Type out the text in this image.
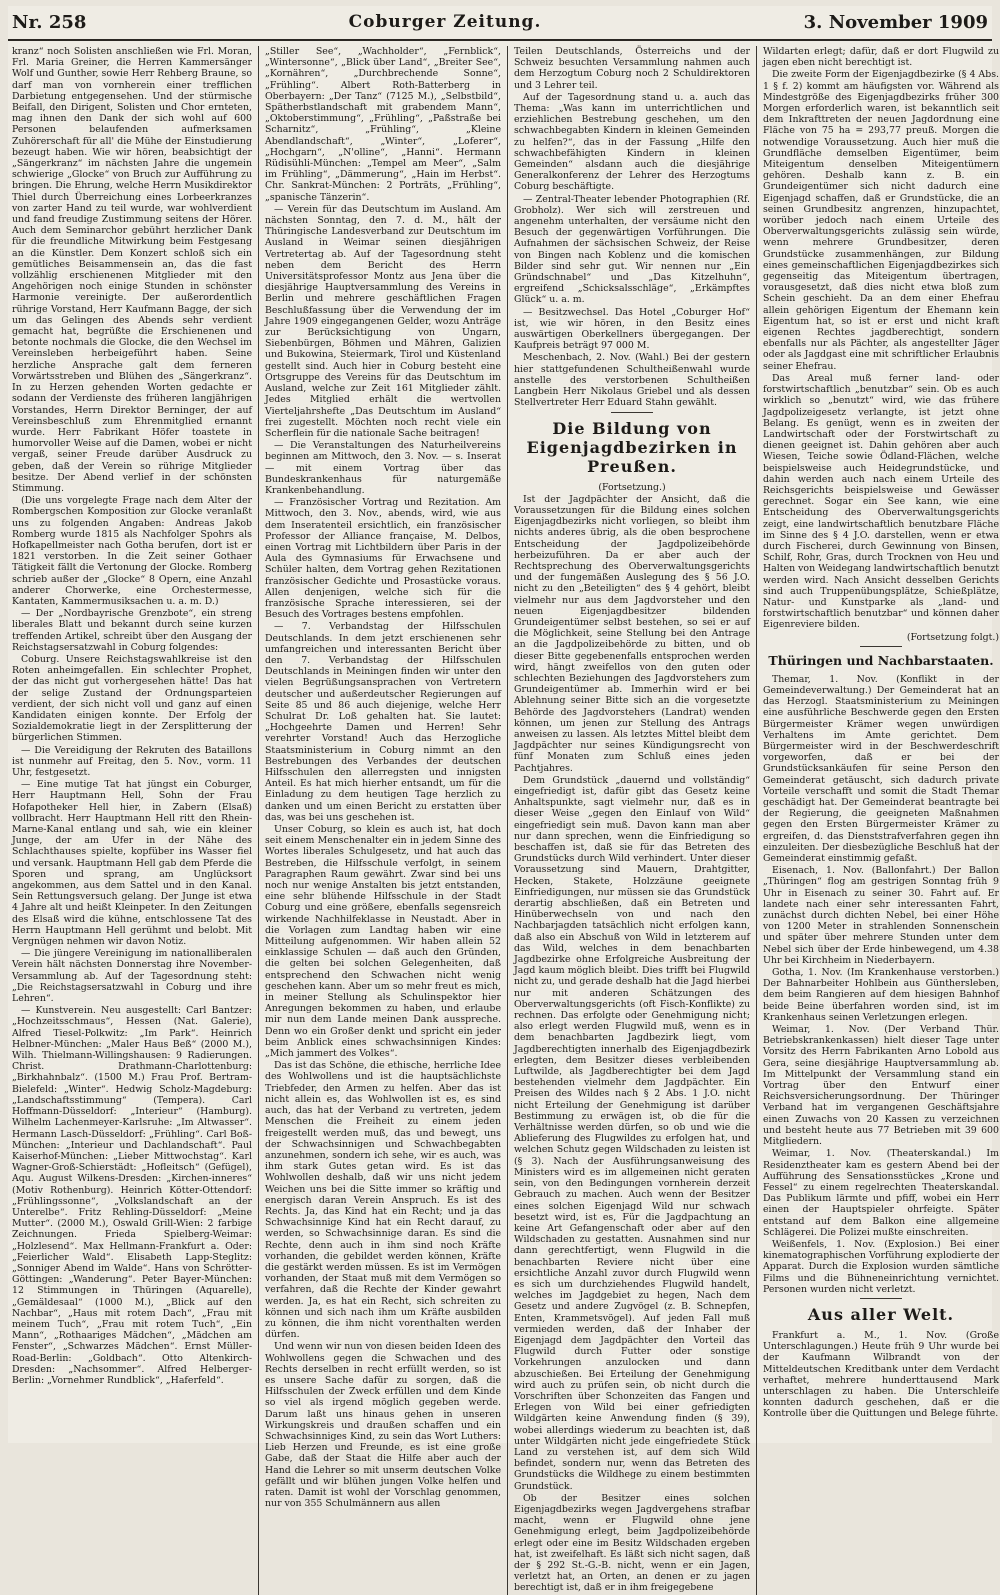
Nr. 258	Coburger Zeitung.	3. November 1909

kranz“ noch Solisten anschließen wie Frl. Moran, Frl. Maria Greiner, die Herren Kammersänger Wolf und Gunther, sowie Herr Rehberg Braune, so darf man von vornherein einer trefflichen Darbietung entgegensehen. Und der stürmische Beifall, den Dirigent, Solisten und Chor ernteten, mag ihnen den Dank der sich wohl auf 600 Personen belaufenden aufmerksamen Zuhörerschaft für all' die Mühe der Einstudierung bezeugt haben. Wie wir hören, beabsichtigt der „Sängerkranz“ im nächsten Jahre die ungemein schwierige „Glocke“ von Bruch zur Aufführung zu bringen. Die Ehrung, welche Herrn Musikdirektor Thiel durch Überreichung eines Lorbeerkranzes von zarter Hand zu teil wurde, war wohlverdient und fand freudige Zustimmung seitens der Hörer. Auch dem Seminarchor gebührt herzlicher Dank für die freundliche Mitwirkung beim Festgesang an die Künstler. Dem Konzert schloß sich ein gemütliches Beisammensein an, das die fast vollzählig erschienenen Mitglieder mit den Angehörigen noch einige Stunden in schönster Harmonie vereinigte. Der außerordentlich rührige Vorstand, Herr Kaufmann Bagge, der sich um das Gelingen des Abends sehr verdient gemacht hat, begrüßte die Erschienenen und betonte nochmals die Glocke, die den Wechsel im Vereinsleben herbeigeführt haben. Seine herzliche Ansprache galt dem ferneren Vorwärtsstreben und Blühen des „Sängerkranz“. In zu Herzen gehenden Worten gedachte er sodann der Verdienste des früheren langjährigen Vorstandes, Herrn Direktor Berninger, der auf Vereinsbeschluß zum Ehrenmitglied ernannt wurde. Herr Fabrikant Höfer toastete in humorvoller Weise auf die Damen, wobei er nicht vergaß, seiner Freude darüber Ausdruck zu geben, daß der Verein so rührige Mitglieder besitze. Der Abend verlief in der schönsten Stimmung.

(Die uns vorgelegte Frage nach dem Alter der Rombergschen Komposition zur Glocke veranlaßt uns zu folgenden Angaben: Andreas Jakob Romberg wurde 1815 als Nachfolger Spohrs als Hofkapellmeister nach Gotha berufen, dort ist er 1821 verstorben. In die Zeit seiner Gothaer Tätigkeit fällt die Vertonung der Glocke. Romberg schrieb außer der „Glocke“ 8 Opern, eine Anzahl anderer Chorwerke, eine Orchestermesse, Kantaten, Kammermusiksachen u. a. m. D.)

— Der „Nordbayrische Grenzbote“, ein streng liberales Blatt und bekannt durch seine kurzen treffenden Artikel, schreibt über den Ausgang der Reichstagsersatzwahl in Coburg folgendes:

Coburg. Unsere Reichstagswahlkreise ist den Roten anheimgefallen. Ein schlechter Prophet, der das nicht gut vorhergesehen hätte! Das hat der selige Zustand der Ordnungsparteien verdient, der sich nicht voll und ganz auf einen Kandidaten einigen konnte. Der Erfolg der Sozialdemokratie liegt in der Zersplitterung der bürgerlichen Stimmen.

— Die Vereidigung der Rekruten des Bataillons ist nunmehr auf Freitag, den 5. Nov., vorm. 11 Uhr, festgesetzt.

— Eine mutige Tat hat jüngst ein Coburger, Herr Hauptmann Hell, Sohn der Frau Hofapotheker Hell hier, in Zabern (Elsaß) vollbracht. Herr Hauptmann Hell ritt den Rhein-Marne-Kanal entlang und sah, wie ein kleiner Junge, der am Ufer in der Nähe des Schlachthauses spielte, kopfüber ins Wasser fiel und versank. Hauptmann Hell gab dem Pferde die Sporen und sprang, am Unglücksort angekommen, aus dem Sattel und in den Kanal. Sein Rettungsversuch gelang. Der Junge ist etwa 4 Jahre alt und heißt Kleinpeter. In den Zeitungen des Elsaß wird die kühne, entschlossene Tat des Herrn Hauptmann Hell gerühmt und belobt. Mit Vergnügen nehmen wir davon Notiz.

— Die jüngere Vereinigung im nationalliberalen Verein hält nächsten Donnerstag ihre November-Versammlung ab. Auf der Tagesordnung steht: „Die Reichstagsersatzwahl in Coburg und ihre Lehren“.

— Kunstverein. Neu ausgestellt: Carl Bantzer: „Hochzeitsschmaus“, Hessen (Nat. Galerie), Alfred Tiesel-Polkwitz: „Im Park“. Heinrich Helbner-München: „Maler Haus Beß“ (2000 M.), Wilh. Thielmann-Willingshausen: 9 Radierungen. Christ. Drathmann-Charlottenburg: „Birkhahnbalz“. (1500 M.) Frau Prof. Bertram-Bielefeld: „Winter“. Hedwig Scholz-Magdeburg: „Landschaftsstimmung“ (Tempera). Carl Hoffmann-Düsseldorf: „Interieur“ (Hamburg). Wilhelm Lachenmeyer-Karlsruhe: „Im Altwasser“. Hermann Lasch-Düsseldorf: „Frühling“. Carl Boß-München: „Interieur und Dachlandschaft“. Paul Kaiserhof-München: „Lieber Mittwochstag“. Karl Wagner-Groß-Schierstädt: „Hofleitsch“ (Gefügel), Aqu. August Wilkens-Dresden: „Kirchen-inneres“ (Motiv Rothenburg). Heinrich Kötter-Ottendorf: „Frühlingssonne“, „Volkslandschaft an der Unterelbe“. Fritz Rehling-Düsseldorf: „Meine Mutter“. (2000 M.), Oswald Grill-Wien: 2 farbige Zeichnungen. Frieda Spielberg-Weimar: „Holzlesend“. Max Hellmann-Frankfurt a. Oder: „Feierlicher Wald“. Elisabeth Lapp-Steglitz: „Sonniger Abend im Walde“. Hans von Schrötter-Göttingen: „Wanderung“. Peter Bayer-München: 12 Stimmungen in Thüringen (Aquarelle), „Gemäldesaal“ (1000 M.), „Blick auf den Nachbar“, „Haus mit rotem Dach“, „Frau mit meinem Tuch“, „Frau mit rotem Tuch“, „Ein Mann“, „Rothaariges Mädchen“, „Mädchen am Fenster“, „Schwarzes Mädchen“. Ernst Müller-Road-Berlin: „Goldbach“. Otto Altenkirch-Dresden: „Nachsommer“. Alfred Helberger-Berlin: „Vornehmer Rundblick“, „Haferfeld“.

„Stiller See“, „Wachholder“, „Fernblick“, „Wintersonne“, „Blick über Land“, „Breiter See“, „Kornähren“, „Durchbrechende Sonne“, „Frühling“. Albert Roth-Batterberg in Oberbayern: „Der Tanz“ (7125 M.), „Selbstbild“, Spätherbstlandschaft mit grabendem Mann“, „Oktoberstimmung“, „Frühling“, „Paßstraße bei Scharnitz“, „Frühling“, „Kleine Abendlandschaft“, „Winter“, „Loferer“, „Hochgarn“, „N'olline“, „Hanni“. Hermann Rüdisühli-München: „Tempel am Meer“, „Salm im Frühling“, „Dämmerung“, „Hain im Herbst“. Chr. Sankrat-München: 2 Porträts, „Frühling“, „spanische Tänzerin“.

— Verein für das Deutschtum im Ausland. Am nächsten Sonntag, den 7. d. M., hält der Thüringische Landesverband zur Deutschtum im Ausland in Weimar seinen diesjährigen Vertretertag ab. Auf der Tagesordnung steht neben dem Bericht des Herrn Universitätsprofessor Montz aus Jena über die diesjährige Hauptversammlung des Vereins in Berlin und mehrere geschäftlichen Fragen Beschlußfassung über die Verwendung der im Jahre 1909 eingegangenen Gelder, wozu Anträge zur Berücksichtigung von Ungarn, Siebenbürgen, Böhmen und Mähren, Galizien und Bukowina, Steiermark, Tirol und Küstenland gestellt sind. Auch hier in Coburg besteht eine Ortsgruppe des Vereins für das Deutschtum im Ausland, welche zur Zeit 161 Mitglieder zählt. Jedes Mitglied erhält die wertvollen Vierteljahrshefte „Das Deutschtum im Ausland“ frei zugestellt. Möchten noch recht viele ein Scherflein für die nationale Sache beitragen!

— Die Veranstaltungen des Naturheilvereins beginnen am Mittwoch, den 3. Nov. — s. Inserat — mit einem Vortrag über das Bundeskrankenhaus für naturgemäße Krankenbehandlung.

— Französischer Vortrag und Rezitation. Am Mittwoch, den 3. Nov., abends, wird, wie aus dem Inseratenteil ersichtlich, ein französischer Professor der Alliance française, M. Delbos, einen Vortrag mit Lichtbildern über Paris in der Aula des Gymnasiums für Erwachsene und Schüler halten, dem Vortrag gehen Rezitationen französischer Gedichte und Prosastücke voraus. Allen denjenigen, welche sich für die französische Sprache interessieren, sei der Besuch des Vortrages bestens empfohlen.

— 7. Verbandstag der Hilfsschulen Deutschlands. In dem jetzt erschienenen sehr umfangreichen und interessanten Bericht über den 7. Verbandstag der Hilfsschulen Deutschlands in Meiningen finden wir unter den vielen Begrüßungsansprachen von Vertretern deutscher und außerdeutscher Regierungen auf Seite 85 und 86 auch diejenige, welche Herr Schulrat Dr. Loß gehalten hat. Sie lautet: „Hochgeehrte Damen und Herren! Sehr verehrter Vorstand! Auch das Herzogliche Staatsministerium in Coburg nimmt an den Bestrebungen des Verbandes der deutschen Hilfsschulen den allerregsten und innigsten Anteil. Es hat mich hierher entsandt, um für die Einladung zu dem heutigen Tage herzlich zu danken und um einen Bericht zu erstatten über das, was bei uns geschehen ist.

Unser Coburg, so klein es auch ist, hat doch seit einem Menschenalter ein in jedem Sinne des Wortes liberales Schulgesetz, und hat auch das Bestreben, die Hilfsschule verfolgt, in seinem Paragraphen Raum gewährt. Zwar sind bei uns noch nur wenige Anstalten bis jetzt entstanden, eine sehr blühende Hilfsschule in der Stadt Coburg und eine größere, ebenfalls segensreich wirkende Nachhilfeklasse in Neustadt. Aber in die Vorlagen zum Landtag haben wir eine Mitteilung aufgenommen. Wir haben allein 52 einklassige Schulen — daß auch den Gründen, die gelten bei solchen Gelegenheiten, daß entsprechend den Schwachen nicht wenig geschehen kann. Aber um so mehr freut es mich, in meiner Stellung als Schulinspektor hier Anregungen bekommen zu haben, und erlaube mir nun dem Lande meinen Dank ausspreche. Denn wo ein Großer denkt und spricht ein jeder beim Anblick eines schwachsinnigen Kindes: „Mich jammert des Volkes“.

Das ist das Schöne, die ethische, herrliche Idee des Wohlwollens und ist die hauptsächlichste Triebfeder, den Armen zu helfen. Aber das ist nicht allein es, das Wohlwollen ist es, es sind auch, das hat der Verband zu vertreten, jedem Menschen die Freiheit zu einem jeden freigestellt werden muß, das und bewegt, uns der Schwachsinnigen und Schwachbegabten anzunehmen, sondern ich sehe, wir es auch, was ihm stark Gutes getan wird. Es ist das Wohlwollen deshalb, daß wir uns nicht jedem Weichen uns bei die Sitte immer so kräftig und energisch daran Verein Anspruch. Es ist des Rechts. Ja, das Kind hat ein Recht; und ja das Schwachsinnige Kind hat ein Recht darauf, zu werden, so Schwachsinnige daran. Es sind die Rechte, denn auch in ihm sind noch Kräfte vorhanden, die gebildet werden können, Kräfte die gestärkt werden müssen. Es ist im Vermögen vorhanden, der Staat muß mit dem Vermögen so verfahren, daß die Rechte der Kinder gewahrt werden. Ja, es hat ein Recht, sich schreiten zu können und sich nach ihm um Kräfte ausbilden zu können, die ihm nicht vorenthalten werden dürfen.

Und wenn wir nun von diesen beiden Ideen des Wohlwollens gegen die Schwachen und des Rechts derselben in recht erfüllt werden, so ist es unsere Sache dafür zu sorgen, daß die Hilfsschulen der Zweck erfüllen und dem Kinde so viel als irgend möglich gegeben werde. Darum laßt uns hinaus gehen in unseren Wirkungskreis und draußen schaffen und ein Schwachsinniges Kind, zu sein das Wort Luthers: Lieb Herzen und Freunde, es ist eine große Gabe, daß der Staat die Hilfe aber auch der Hand die Lehrer so mit unserm deutschen Volke gefällt und wir blühen jungen Volke helfen und raten. Damit ist wohl der Vorschlag genommen, nur von 355 Schulmännern aus allen

Teilen Deutschlands, Österreichs und der Schweiz besuchten Versammlung nahmen auch dem Herzogtum Coburg noch 2 Schuldirektoren und 3 Lehrer teil.

Auf der Tagesordnung stand u. a. auch das Thema: „Was kann im unterrichtlichen und erziehlichen Bestrebung geschehen, um den schwachbegabten Kindern in kleinen Gemeinden zu helfen?“, das in der Fassung „Hilfe den schwachbefähigten Kindern in kleinen Gemeinden“ alsdann auch die diesjährige Generalkonferenz der Lehrer des Herzogtums Coburg beschäftigte.

— Zentral-Theater lebender Photographien (Rf. Grobholz). Wer sich will zerstreuen und angenehm unterhalten, der versäume nicht den Besuch der gegenwärtigen Vorführungen. Die Aufnahmen der sächsischen Schweiz, der Reise von Bingen nach Koblenz und die komischen Bilder sind sehr gut. Wir nennen nur „Ein Gründschnabel“ und „Das Kitzelhuhn“, ergreifend „Schicksalsschläge“, „Erkämpftes Glück“ u. a. m.

— Besitzwechsel. Das Hotel „Coburger Hof“ ist, wie wir hören, in den Besitz eines auswärtigen Oberkellners übergegangen. Der Kaufpreis beträgt 97 000 M.

Meschenbach, 2. Nov. (Wahl.) Bei der gestern hier stattgefundenen Schultheißenwahl wurde anstelle des verstorbenen Schultheißen Langbein Herr Nikolaus Griebel und als dessen Stellvertreter Herr Eduard Stahn gewählt.

Die Bildung von Eigenjagdbezirken in Preußen.

(Fortsetzung.)

Ist der Jagdpächter der Ansicht, daß die Voraussetzungen für die Bildung eines solchen Eigenjagdbezirks nicht vorliegen, so bleibt ihm nichts anderes übrig, als die oben besprochene Entscheidung der Jagdpolizeibehörde herbeizuführen. Da er aber auch der Rechtsprechung des Oberverwaltungsgerichts und der fungemäßen Auslegung des § 56 J.O. nicht zu den „Beteiligten“ des § 4 gehört, bleibt vielmehr nur aus dem Jagdvorsteher und den neuen Eigenjagdbesitzer bildenden Grundeigentümer selbst bestehen, so sei er auf die Möglichkeit, seine Stellung bei den Antrage an die Jagdpolizeibehörde zu bitten, und ob dieser Bitte gegebenenfalls entsprochen werden wird, hängt zweifellos von den guten oder schlechten Beziehungen des Jagdvorstehers zum Grundeigentümer ab. Immerhin wird er bei Ablehnung seiner Bitte sich an die vorgesetzte Behörde des Jagdvorstehers (Landrat) wenden können, um jenen zur Stellung des Antrags anweisen zu lassen. Als letztes Mittel bleibt dem Jagdpächter nur seines Kündigungsrecht von fünf Monaten zum Schluß eines jeden Pachtjahres.

Dem Grundstück „dauernd und vollständig“ eingefriedigt ist, dafür gibt das Gesetz keine Anhaltspunkte, sagt vielmehr nur, daß es in dieser Weise „gegen den Einlauf von Wild“ eingefriedigt sein muß. Davon kann man aber nur dann sprechen, wenn die Einfriedigung so beschaffen ist, daß sie für das Betreten des Grundstücks durch Wild verhindert. Unter dieser Voraussetzung sind Mauern, Drahtgitter, Hecken, Stakete, Holzzäune geeignete Einfriedigungen, nur müssen sie das Grundstück derartig abschließen, daß ein Betreten und Hinüberwechseln von und nach den Nachbarjagden tatsächlich nicht erfolgen kann, daß also ein Abschuß von Wild in letzterem auf das Wild, welches in dem benachbarten Jagdbezirke ohne Erfolgreiche Ausbreitung der Jagd kaum möglich bleibt. Dies trifft bei Flugwild nicht zu, und gerade deshalb hat die Jagd hierbei nur mit anderen Schätzungen des Oberverwaltungsgerichts (oft Fisch-Konflikte) zu rechnen. Das erfolgte oder Genehmigung nicht; also erlegt werden Flugwild muß, wenn es in dem benachbarten Jagdbezirk liegt, vom Jagdberechtigten innerhalb des Eigenjagdbezirk erlegten, dem Besitzer dieses verbleibenden Luftwilde, als Jagdberechtigter bei dem Jagd bestehenden vielmehr dem Jagdpächter. Ein Preisen des Wildes nach § 2 Abs. 1 J.O. nicht nicht Erteilung der Genehmigung ist darüber Bestimmung zu erwägen ist, ob die für die Verhältnisse werden dürfen, so ob und wie die Ablieferung des Flugwildes zu erfolgen hat, und welchen Schutz gegen Wildschaden zu leisten ist (§ 3). Nach der Ausführungsanweisung des Ministers wird es im allgemeinen nicht geraten sein, von den Bedingungen vornherein derzeit Gebrauch zu machen. Auch wenn der Besitzer eines solchen Eigenjagd Wild nur schwach besetzt wird, ist es, Für die Jagdpachtung an keine Art Gefangenschaft oder aber auf den Wildschaden zu gestatten. Ausnahmen sind nur dann gerechtfertigt, wenn Flugwild in die benachbarten Reviere nicht über eine ersichtliche Anzahl zuvor durch Flugwild wenn es sich um durchziehendes Flugwild handelt, welches im Jagdgebiet zu hegen, Nach dem Gesetz und andere Zugvögel (z. B. Schnepfen, Enten, Krammetsvögel). Auf jeden Fall muß vermieden werden, daß der Inhaber der Eigenjagd dem Jagdpächter den Vorteil das Flugwild durch Futter oder sonstige Vorkehrungen anzulocken und dann abzuschießen. Bei Erteilung der Genehmigung wird auch zu prüfen sein, ob nicht durch die Vorschriften über Schonzeiten das Fangen und Erlegen von Wild bei einer gefriedigten Wildgärten keine Anwendung finden (§ 39), wobei allerdings wiederum zu beachten ist, daß unter Wildgärten nicht jede eingefriedete Stück Land zu verstehen ist, auf dem sich Wild befindet, sondern nur, wenn das Betreten des Grundstücks die Wildhege zu einem bestimmten Grundstück.

Ob der Besitzer eines solchen Eigenjagdbezirks wegen Jagdvergehens strafbar macht, wenn er Flugwild ohne jene Genehmigung erlegt, beim Jagdpolizeibehörde erlegt oder eine im Besitz Wildschaden ergeben hat, ist zweifelhaft. Es läßt sich nicht sagen, daß der § 292 St.-G.-B. nicht, wenn er ein Jagen, verletzt hat, an Orten, an denen er zu jagen berechtigt ist, daß er in ihm freigegebene

Wildarten erlegt; dafür, daß er dort Flugwild zu jagen eben nicht berechtigt ist.

Die zweite Form der Eigenjagdbezirke (§ 4 Abs. 1 § f. 2) kommt am häufigsten vor. Während als Mindestgröße des Eigenjagdbezirks früher 300 Morgen erforderlich waren, ist bekanntlich seit dem Inkrafttreten der neuen Jagdordnung eine Fläche von 75 ha = 293,77 preuß. Morgen die notwendige Voraussetzung. Auch hier muß die Grundfläche demselben Eigentümer, beim Miteigentum denselben Miteigentümern gehören. Deshalb kann z. B. ein Grundeigentümer sich nicht dadurch eine Eigenjagd schaffen, daß er Grundstücke, die an seinen Grundbesitz angrenzen, hinzupachtet, worüber jedoch nach einem Urteile des Oberverwaltungsgerichts zulässig sein würde, wenn mehrere Grundbesitzer, deren Grundstücke zusammenhängen, zur Bildung eines gemeinschaftlichen Eigenjagdbezirkes sich gegenseitig das Miteigentum übertragen, vorausgesetzt, daß dies nicht etwa bloß zum Schein geschieht. Da an dem einer Ehefrau allein gehörigen Eigentum der Ehemann kein Eigentum hat, so ist er erst und nicht kraft eigenen Rechtes jagdberechtigt, sondern ebenfalls nur als Pächter, als angestellter Jäger oder als Jagdgast eine mit schriftlicher Erlaubnis seiner Ehefrau.

Das Areal muß ferner land- oder forstwirtschaftlich „benutzbar“ sein. Ob es auch wirklich so „benutzt“ wird, wie das frühere Jagdpolizeigesetz verlangte, ist jetzt ohne Belang. Es genügt, wenn es in zweiten der Landwirtschaft oder der Forstwirtschaft zu dienen geeignet ist. Dahin gehören aber auch Wiesen, Teiche sowie Ödland-Flächen, welche beispielsweise auch Heidegrundstücke, und dahin werden auch nach einem Urteile des Reichsgerichts beispielsweise und Gewässer gerechnet. Sogar ein See kann, wie eine Entscheidung des Oberverwaltungsgerichts zeigt, eine landwirtschaftlich benutzbare Fläche im Sinne des § 4 J.O. darstellen, wenn er etwa durch Fischerei, durch Gewinnung von Binsen, Schilf, Rohr, Gras, durch Trocknen von Heu und Halten von Weidegang landwirtschaftlich benutzt werden wird. Nach Ansicht desselben Gerichts sind auch Truppenübungsplätze, Schießplätze, Natur- und Kunstparke als „land- und forstwirtschaftlich benutzbar“ und können daher Eigenreviere bilden.

(Fortsetzung folgt.)

Thüringen und Nachbarstaaten.

Themar, 1. Nov. (Konflikt in der Gemeindeverwaltung.) Der Gemeinderat hat an das Herzogl. Staatsministerium zu Meiningen eine ausführliche Beschwerde gegen den Ersten Bürgermeister Krämer wegen unwürdigen Verhaltens im Amte gerichtet. Dem Bürgermeister wird in der Beschwerdeschrift vorgeworfen, daß er bei der Grundstücksankäufen für seine Person den Gemeinderat getäuscht, sich dadurch private Vorteile verschafft und somit die Stadt Themar geschädigt hat. Der Gemeinderat beantragte bei der Regierung, die geeigneten Maßnahmen gegen den Ersten Bürgermeister Krämer zu ergreifen, d. das Dienststrafverfahren gegen ihn einzuleiten. Der diesbezügliche Beschluß hat der Gemeinderat einstimmig gefaßt.

Eisenach, 1. Nov. (Ballonfahrt.) Der Ballon „Thüringen“ flog am gestrigen Sonntag früh 9 Uhr in Eisenach zu seiner 30. Fahrt auf. Er landete nach einer sehr interessanten Fahrt, zunächst durch dichten Nebel, bei einer Höhe von 1200 Meter in strahlenden Sonnenschein und später über mehrere Stunden unter dem Nebel sich über der Erde hinbewegend, um 4.38 Uhr bei Kirchheim in Niederbayern.

Gotha, 1. Nov. (Im Krankenhause verstorben.) Der Bahnarbeiter Hohlbein aus Günthersleben, dem beim Rangieren auf dem hiesigen Bahnhof beide Beine überfahren worden sind, ist im Krankenhaus seinen Verletzungen erlegen.

Weimar, 1. Nov. (Der Verband Thür. Betriebskrankenkassen) hielt dieser Tage unter Vorsitz des Herrn Fabrikanten Arno Lobold aus Gera, seine diesjährige Hauptversammlung ab. Im Mittelpunkt der Versammlung stand ein Vortrag über den Entwurf einer Reichsversicherungsordnung. Der Thüringer Verband hat im vergangenen Geschäftsjahre einen Zuwachs von 20 Kassen zu verzeichnen und besteht heute aus 77 Betrieben mit 39 600 Mitgliedern.

Weimar, 1. Nov. (Theaterskandal.) Im Residenztheater kam es gestern Abend bei der Aufführung des Sensationsstückes „Krone und Fessel“ zu einem regelrechten Theaterskandal. Das Publikum lärmte und pfiff, wobei ein Herr einen der Hauptspieler ohrfeigte. Später entstand auf dem Balkon eine allgemeine Schlägerei. Die Polizei mußte einschreiten.

Weißenfels, 1. Nov. (Explosion.) Bei einer kinematographischen Vorführung explodierte der Apparat. Durch die Explosion wurden sämtliche Films und die Bühneneinrichtung vernichtet. Personen wurden nicht verletzt.

Aus aller Welt.

Frankfurt a. M., 1. Nov. (Große Unterschlagungen.) Heute früh 9 Uhr wurde bei der Kaufmann Wilbrandt von der Mitteldeutschen Kreditbank unter dem Verdacht verhaftet, mehrere hunderttausend Mark unterschlagen zu haben. Die Unterschleife konnten dadurch geschehen, daß er die Kontrolle über die Quittungen und Belege führte.
